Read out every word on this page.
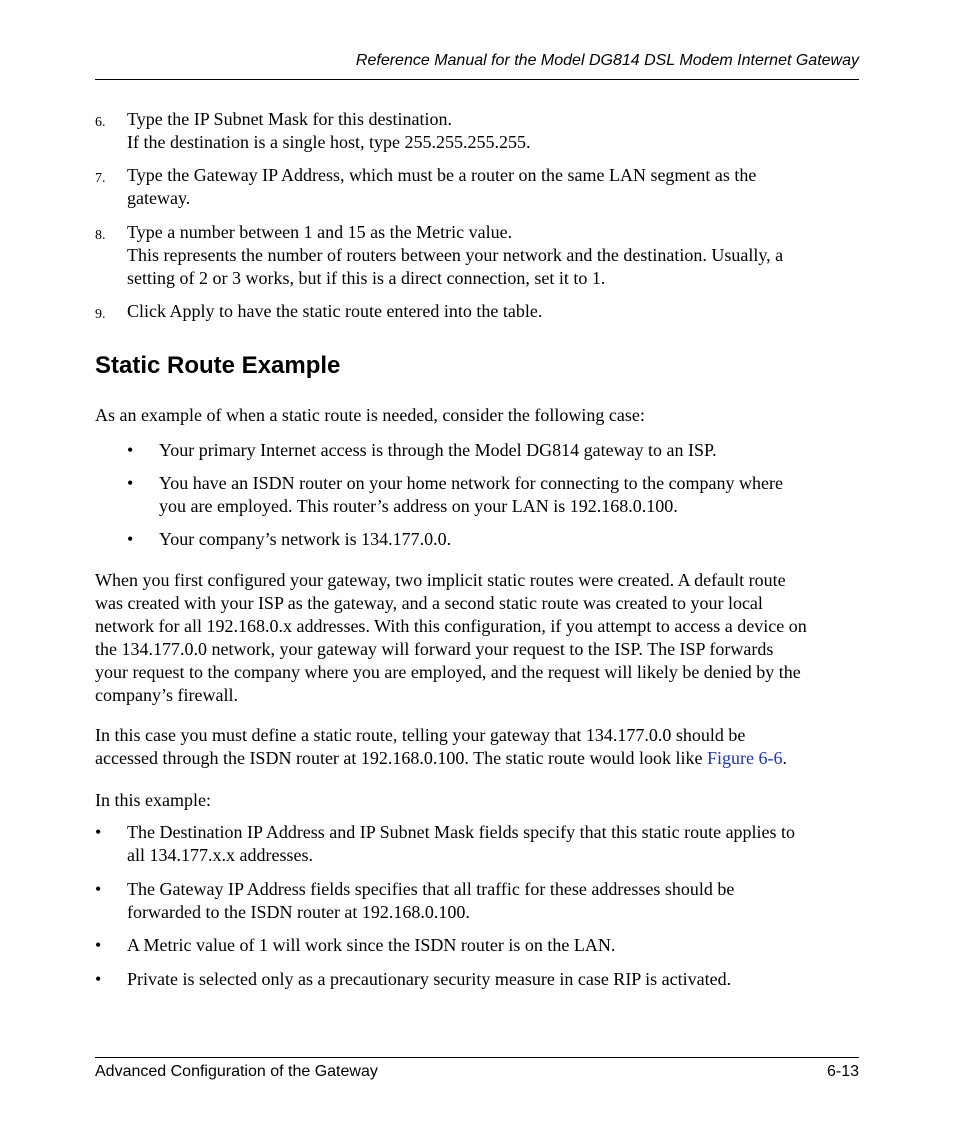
Reference Manual for the Model DG814 DSL Modem Internet Gateway
6. Type the IP Subnet Mask for this destination.
If the destination is a single host, type 255.255.255.255.
7. Type the Gateway IP Address, which must be a router on the same LAN segment as the
gateway.
8. Type a number between 1 and 15 as the Metric value.
This represents the number of routers between your network and the destination. Usually, a
setting of 2 or 3 works, but if this is a direct connection, set it to 1.
9. Click Apply to have the static route entered into the table.
Static Route Example
As an example of when a static route is needed, consider the following case:
• Your primary Internet access is through the Model DG814 gateway to an ISP.
• You have an ISDN router on your home network for connecting to the company where
you are employed. This router’s address on your LAN is 192.168.0.100.
• Your company’s network is 134.177.0.0.
When you first configured your gateway, two implicit static routes were created. A default route
was created with your ISP as the gateway, and a second static route was created to your local
network for all 192.168.0.x addresses. With this configuration, if you attempt to access a device on
the 134.177.0.0 network, your gateway will forward your request to the ISP. The ISP forwards
your request to the company where you are employed, and the request will likely be denied by the
company’s firewall.
In this case you must define a static route, telling your gateway that 134.177.0.0 should be
accessed through the ISDN router at 192.168.0.100. The static route would look like Figure 6-6.
In this example:
• The Destination IP Address and IP Subnet Mask fields specify that this static route applies to
all 134.177.x.x addresses.
• The Gateway IP Address fields specifies that all traffic for these addresses should be
forwarded to the ISDN router at 192.168.0.100.
• A Metric value of 1 will work since the ISDN router is on the LAN.
• Private is selected only as a precautionary security measure in case RIP is activated.
Advanced Configuration of the Gateway	6-13
